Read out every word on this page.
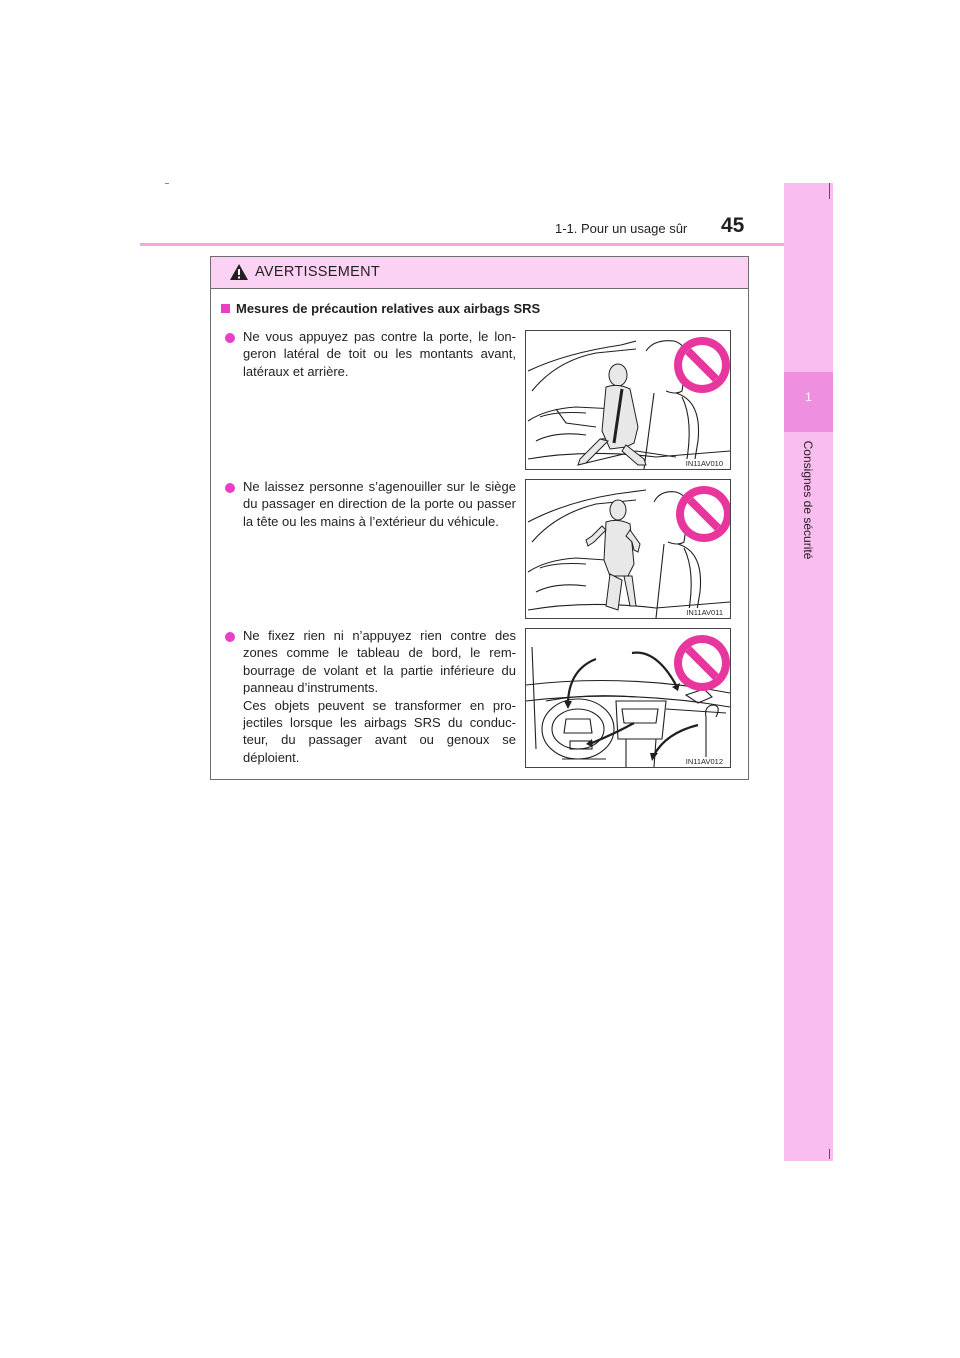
1-1. Pour un usage sûr 45
1
Consignes de sécurité
AVERTISSEMENT
Mesures de précaution relatives aux airbags SRS
Ne vous appuyez pas contre la porte, le lon-geron latéral de toit ou les montants avant, latéraux et arrière.
IN11AV010
Ne laissez personne s’agenouiller sur le siège du passager en direction de la porte ou passer la tête ou les mains à l’extérieur du véhicule.
IN11AV011
Ne fixez rien ni n’appuyez rien contre des zones comme le tableau de bord, le rem-bourrage de volant et la partie inférieure du panneau d’instruments.
Ces objets peuvent se transformer en pro-jectiles lorsque les airbags SRS du conduc-teur, du passager avant ou genoux se déploient.	IN11AV012
